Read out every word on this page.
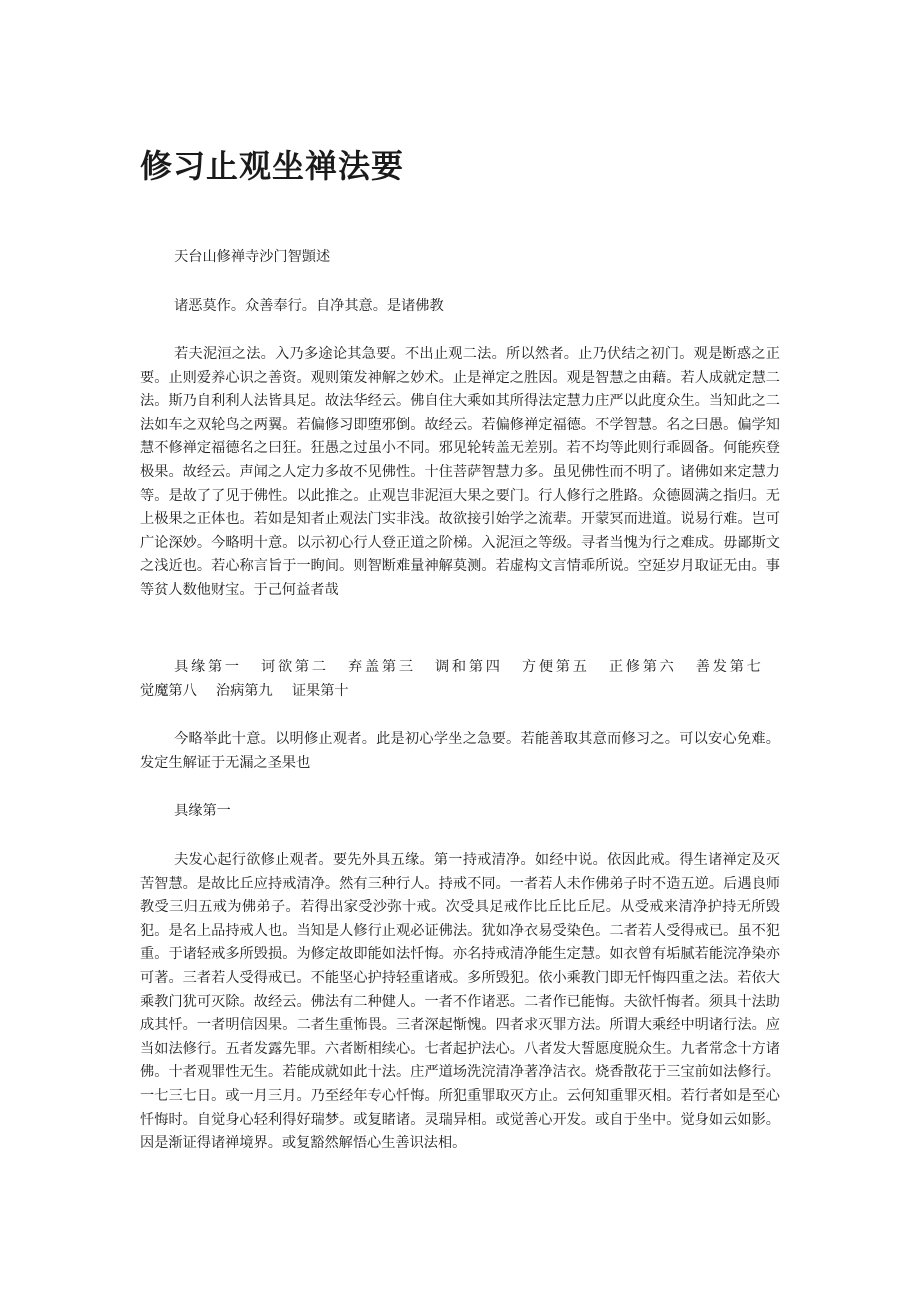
修习止观坐禅法要

天台山修禅寺沙门智顗述

诸恶莫作。众善奉行。自净其意。是诸佛教

若夫泥洹之法。入乃多途论其急要。不出止观二法。所以然者。止乃伏结之初门。观是断惑之正要。止则爱养心识之善资。观则策发神解之妙术。止是禅定之胜因。观是智慧之由藉。若人成就定慧二法。斯乃自利利人法皆具足。故法华经云。佛自住大乘如其所得法定慧力庄严以此度众生。当知此之二法如车之双轮鸟之两翼。若偏修习即堕邪倒。故经云。若偏修禅定福德。不学智慧。名之曰愚。偏学知慧不修禅定福德名之曰狂。狂愚之过虽小不同。邪见轮转盖无差别。若不均等此则行乖圆备。何能疾登极果。故经云。声闻之人定力多故不见佛性。十住菩萨智慧力多。虽见佛性而不明了。诸佛如来定慧力等。是故了了见于佛性。以此推之。止观岂非泥洹大果之要门。行人修行之胜路。众德圆满之指归。无上极果之正体也。若如是知者止观法门实非浅。故欲接引始学之流辈。开蒙冥而进道。说易行难。岂可广论深妙。今略明十意。以示初心行人登正道之阶梯。入泥洹之等级。寻者当愧为行之难成。毋鄙斯文之浅近也。若心称言旨于一眴间。则智断难量神解莫测。若虚构文言情乖所说。空延岁月取证无由。事等贫人数他财宝。于己何益者哉

具缘第一 诃欲第二 弃盖第三 调和第四 方便第五 正修第六 善发第七觉魔第八 治病第九 证果第十

今略举此十意。以明修止观者。此是初心学坐之急要。若能善取其意而修习之。可以安心免难。发定生解证于无漏之圣果也

具缘第一

夫发心起行欲修止观者。要先外具五缘。第一持戒清净。如经中说。依因此戒。得生诸禅定及灭苦智慧。是故比丘应持戒清净。然有三种行人。持戒不同。一者若人未作佛弟子时不造五逆。后遇良师教受三归五戒为佛弟子。若得出家受沙弥十戒。次受具足戒作比丘比丘尼。从受戒来清净护持无所毁犯。是名上品持戒人也。当知是人修行止观必证佛法。犹如净衣易受染色。二者若人受得戒已。虽不犯重。于诸轻戒多所毁损。为修定故即能如法忏悔。亦名持戒清净能生定慧。如衣曾有垢腻若能浣净染亦可著。三者若人受得戒已。不能坚心护持轻重诸戒。多所毁犯。依小乘教门即无忏悔四重之法。若依大乘教门犹可灭除。故经云。佛法有二种健人。一者不作诸恶。二者作已能悔。夫欲忏悔者。须具十法助成其忏。一者明信因果。二者生重怖畏。三者深起惭愧。四者求灭罪方法。所谓大乘经中明诸行法。应当如法修行。五者发露先罪。六者断相续心。七者起护法心。八者发大誓愿度脱众生。九者常念十方诸佛。十者观罪性无生。若能成就如此十法。庄严道场洗浣清净著净洁衣。烧香散花于三宝前如法修行。一七三七日。或一月三月。乃至经年专心忏悔。所犯重罪取灭方止。云何知重罪灭相。若行者如是至心忏悔时。自觉身心轻利得好瑞梦。或复睹诸。灵瑞异相。或觉善心开发。或自于坐中。觉身如云如影。因是渐证得诸禅境界。或复豁然解悟心生善识法相。
